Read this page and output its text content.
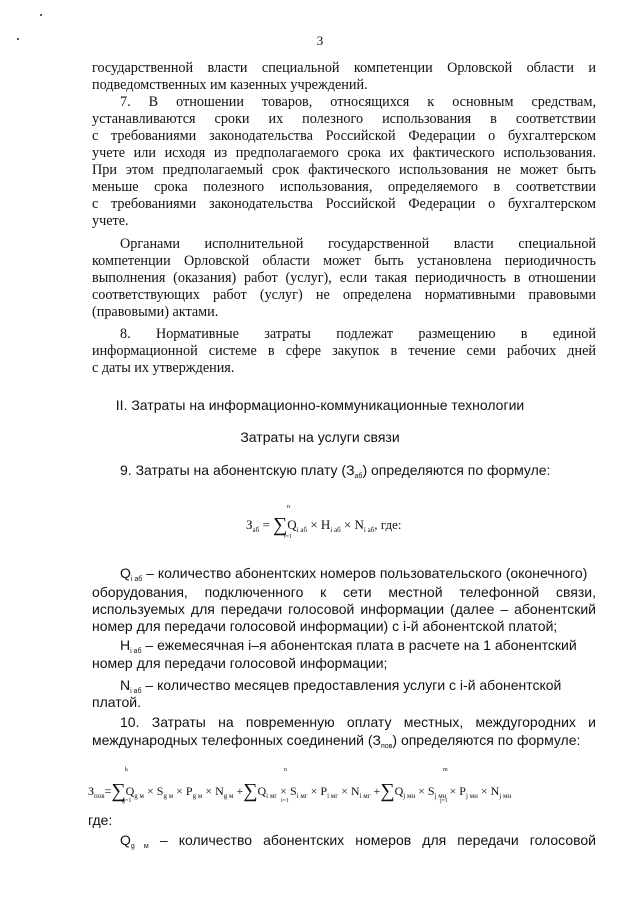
3
государственной власти специальной компетенции Орловской области и
подведомственных им казенных учреждений.
7. В отношении товаров, относящихся к основным средствам,
устанавливаются сроки их полезного использования в соответствии
с требованиями законодательства Российской Федерации о бухгалтерском
учете или исходя из предполагаемого срока их фактического использования.
При этом предполагаемый срок фактического использования не может быть
меньше срока полезного использования, определяемого в соответствии
с требованиями законодательства Российской Федерации о бухгалтерском
учете.
Органами исполнительной государственной власти специальной
компетенции Орловской области может быть установлена периодичность
выполнения (оказания) работ (услуг), если такая периодичность в отношении
соответствующих работ (услуг) не определена нормативными правовыми
(правовыми) актами.
8. Нормативные затраты подлежат размещению в единой
информационной системе в сфере закупок в течение семи рабочих дней
с даты их утверждения.
II. Затраты на информационно-коммуникационные технологии
Затраты на услуги связи
9. Затраты на абонентскую плату $(З_{аб})$ определяются по формуле:
$З_{аб} = \sum Q_{i аб} \times H_{i аб} \times N_{i аб}$, где:
n
i=1
$Q_{i аб}$ – количество абонентских номеров пользовательского (оконечного)
оборудования, подключенного к сети местной телефонной связи,
используемых для передачи голосовой информации (далее – абонентский
номер для передачи голосовой информации) с i-й абонентской платой;
$H_{i аб}$ – ежемесячная i–я абонентская плата в расчете на 1 абонентский
номер для передачи голосовой информации;
$N_{i аб}$ – количество месяцев предоставления услуги с i-й абонентской
платой.
10. Затраты на повременную оплату местных, междугородних и
международных телефонных соединений $(З_{пов})$ определяются по формуле:
$З_{пов}=\sum Q_{g м} \times S_{g м} \times P_{g м} \times N_{g м} +\sum Q_{i мг} \times S_{i мг} \times P_{i мг} \times N_{i мг} +\sum Q_{j мн} \times S_{j мн} \times P_{j мн} \times N_{j мн}$
k
g=1
n
i=1
m
j=1
где:
$Q_{g м}$ – количество абонентских номеров для передачи голосовой
